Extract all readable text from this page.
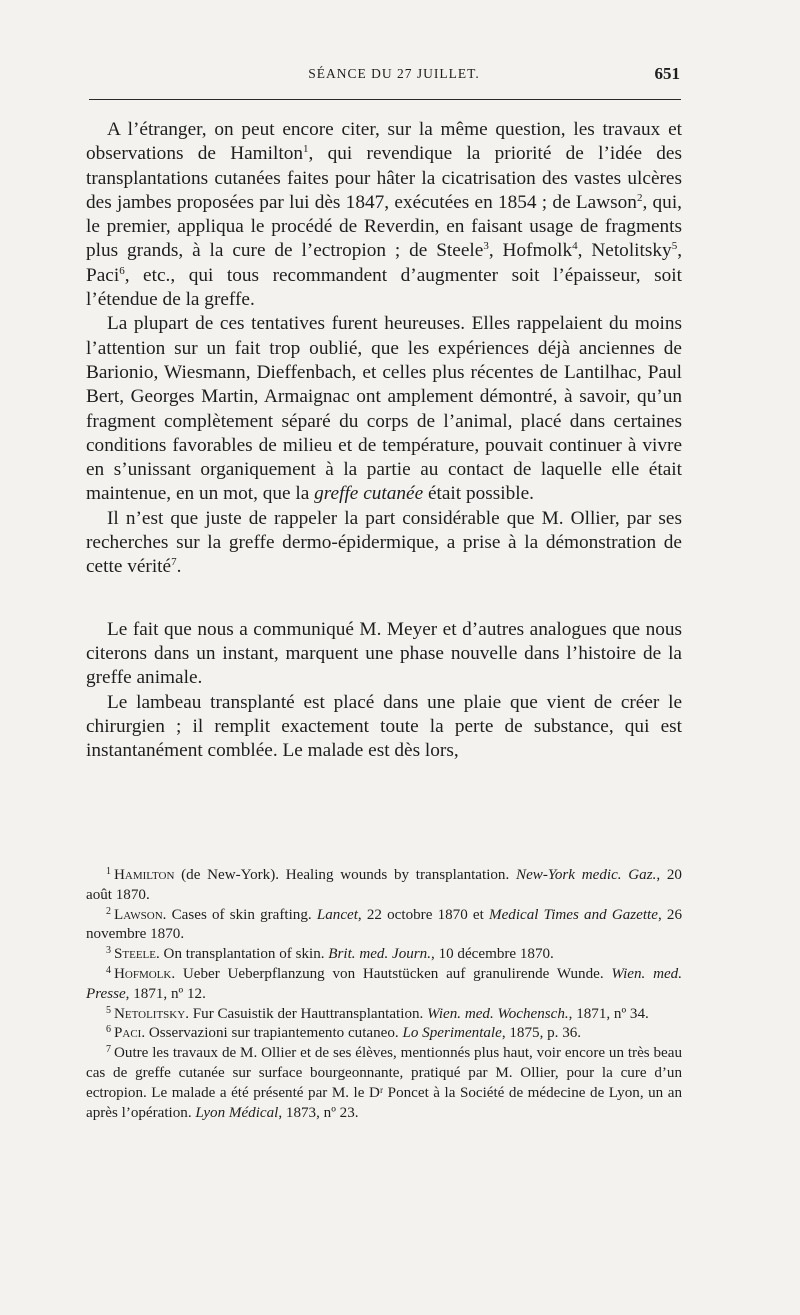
SÉANCE DU 27 JUILLET.	651

A l’étranger, on peut encore citer, sur la même question, les travaux et observations de Hamilton$^1$, qui revendique la priorité de l’idée des transplantations cutanées faites pour hâter la cicatrisation des vastes ulcères des jambes proposées par lui dès 1847, exécutées en 1854 ; de Lawson$^2$, qui, le premier, appliqua le procédé de Reverdin, en faisant usage de fragments plus grands, à la cure de l’ectropion ; de Steele$^3$, Hofmolk$^4$, Netolitsky$^5$, Paci$^6$, etc., qui tous recommandent d’augmenter soit l’épaisseur, soit l’étendue de la greffe.

La plupart de ces tentatives furent heureuses. Elles rappelaient du moins l’attention sur un fait trop oublié, que les expériences déjà anciennes de Barionio, Wiesmann, Dieffenbach, et celles plus récentes de Lantilhac, Paul Bert, Georges Martin, Armaignac ont amplement démontré, à savoir, qu’un fragment complètement séparé du corps de l’animal, placé dans certaines conditions favorables de milieu et de température, pouvait continuer à vivre en s’unissant organiquement à la partie au contact de laquelle elle était maintenue, en un mot, que la greffe cutanée était possible.

Il n’est que juste de rappeler la part considérable que M. Ollier, par ses recherches sur la greffe dermo-épidermique, a prise à la démonstration de cette vérité$^7$.

Le fait que nous a communiqué M. Meyer et d’autres analogues que nous citerons dans un instant, marquent une phase nouvelle dans l’histoire de la greffe animale.

Le lambeau transplanté est placé dans une plaie que vient de créer le chirurgien ; il remplit exactement toute la perte de substance, qui est instantanément comblée. Le malade est dès lors,

$^1$ Hamilton (de New-York). Healing wounds by transplantation. New-York medic. Gaz., 20 août 1870.

$^2$ Lawson. Cases of skin grafting. Lancet, 22 octobre 1870 et Medical Times and Gazette, 26 novembre 1870.

$^3$ Steele. On transplantation of skin. Brit. med. Journ., 10 décembre 1870.

$^4$ Hofmolk. Ueber Ueberpflanzung von Hautstücken auf granulirende Wunde. Wien. med. Presse, 1871, nº 12.

$^5$ Netolitsky. Fur Casuistik der Hauttransplantation. Wien. med. Wochensch., 1871, nº 34.

$^6$ Paci. Osservazioni sur trapiantemento cutaneo. Lo Sperimentale, 1875, p. 36.

$^7$ Outre les travaux de M. Ollier et de ses élèves, mentionnés plus haut, voir encore un très beau cas de greffe cutanée sur surface bourgeonnante, pratiqué par M. Ollier, pour la cure d’un ectropion. Le malade a été présenté par M. le Dʳ Poncet à la Société de médecine de Lyon, un an après l’opération. Lyon Médical, 1873, nº 23.
